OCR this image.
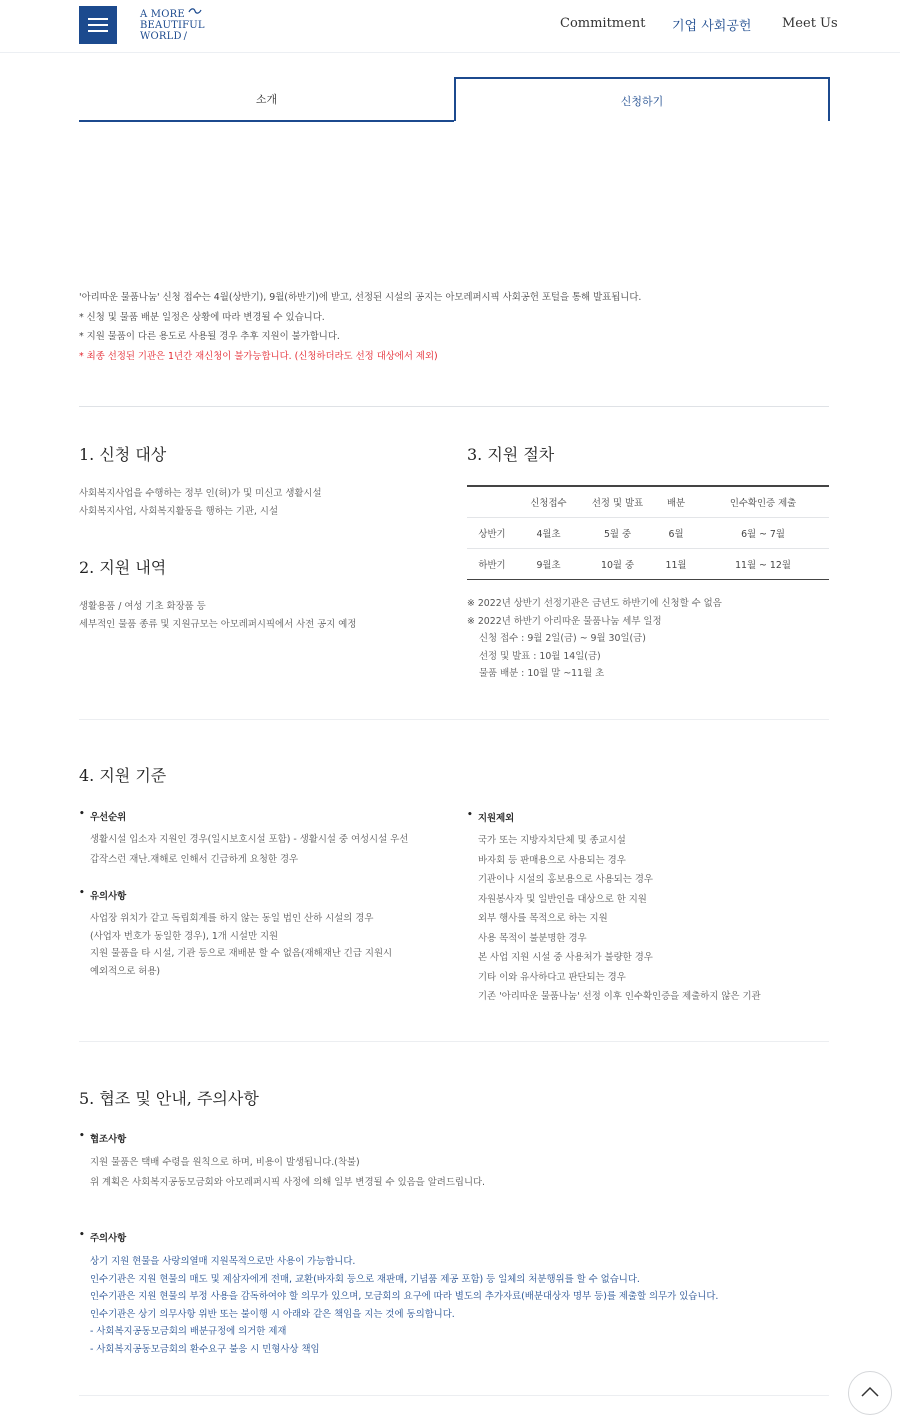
A MORE
BEAUTIFUL
WORLD /
Commitment 기업 사회공헌 Meet Us
소개	신청하기
'아리따운 물품나눔' 신청 접수는 4월(상반기), 9월(하반기)에 받고, 선정된 시설의 공지는 아모레퍼시픽 사회공헌 포털을 통해 발표됩니다.
* 신청 및 물품 배분 일정은 상황에 따라 변경될 수 있습니다.
* 지원 물품이 다른 용도로 사용될 경우 추후 지원이 불가합니다.
* 최종 선정된 기관은 1년간 재신청이 불가능합니다. (신청하더라도 선정 대상에서 제외)
1. 신청 대상
사회복지사업을 수행하는 정부 인(허)가 및 미신고 생활시설
사회복지사업, 사회복지활동을 행하는 기관, 시설
2. 지원 내역
생활용품 / 여성 기초 화장품 등
세부적인 물품 종류 및 지원규모는 아모레퍼시픽에서 사전 공지 예정
3. 지원 절차
	신청접수	선정 및 발표	배분	인수확인증 제출
상반기	4월초	5월 중	6월	6월 ~ 7월
하반기	9월초	10월 중	11월	11월 ~ 12월
※ 2022년 상반기 선정기관은 금년도 하반기에 신청할 수 없음
※ 2022년 하반기 아리따운 물품나눔 세부 일정
신청 접수 : 9월 2일(금) ~ 9월 30일(금)
선정 및 발표 : 10월 14일(금)
물품 배분 : 10월 말 ~11월 초
4. 지원 기준
• 우선순위
생활시설 입소자 지원인 경우(일시보호시설 포함) - 생활시설 중 여성시설 우선
갑작스런 재난.재해로 인해서 긴급하게 요청한 경우
• 유의사항
사업장 위치가 같고 독립회계를 하지 않는 동일 법인 산하 시설의 경우
(사업자 번호가 동일한 경우), 1개 시설만 지원
지원 물품을 타 시설, 기관 등으로 재배분 할 수 없음(재해재난 긴급 지원시
예외적으로 허용)
• 지원제외
국가 또는 지방자치단체 및 종교시설
바자회 등 판매용으로 사용되는 경우
기관이나 시설의 홍보용으로 사용되는 경우
자원봉사자 및 일반인을 대상으로 한 지원
외부 행사를 목적으로 하는 지원
사용 목적이 불분명한 경우
본 사업 지원 시설 중 사용처가 불량한 경우
기타 이와 유사하다고 판단되는 경우
기존 '아리따운 물품나눔' 선정 이후 인수확인증을 제출하지 않은 기관
5. 협조 및 안내, 주의사항
• 협조사항
지원 물품은 택배 수령을 원칙으로 하며, 비용이 발생됩니다.(착불)
위 계획은 사회복지공동모금회와 아모레퍼시픽 사정에 의해 일부 변경될 수 있음을 알려드립니다.
• 주의사항
상기 지원 현물을 사랑의열매 지원목적으로만 사용이 가능합니다.
인수기관은 지원 현물의 매도 및 제삼자에게 전매, 교환(바자회 등으로 재판매, 기념품 제공 포함) 등 일체의 처분행위를 할 수 없습니다.
인수기관은 지원 현물의 부정 사용을 감독하여야 할 의무가 있으며, 모금회의 요구에 따라 별도의 추가자료(배분대상자 명부 등)를 제출할 의무가 있습니다.
인수기관은 상기 의무사항 위반 또는 불이행 시 아래와 같은 책임을 지는 것에 동의합니다.
- 사회복지공동모금회의 배분규정에 의거한 제재
- 사회복지공동모금회의 환수요구 불응 시 민형사상 책임
